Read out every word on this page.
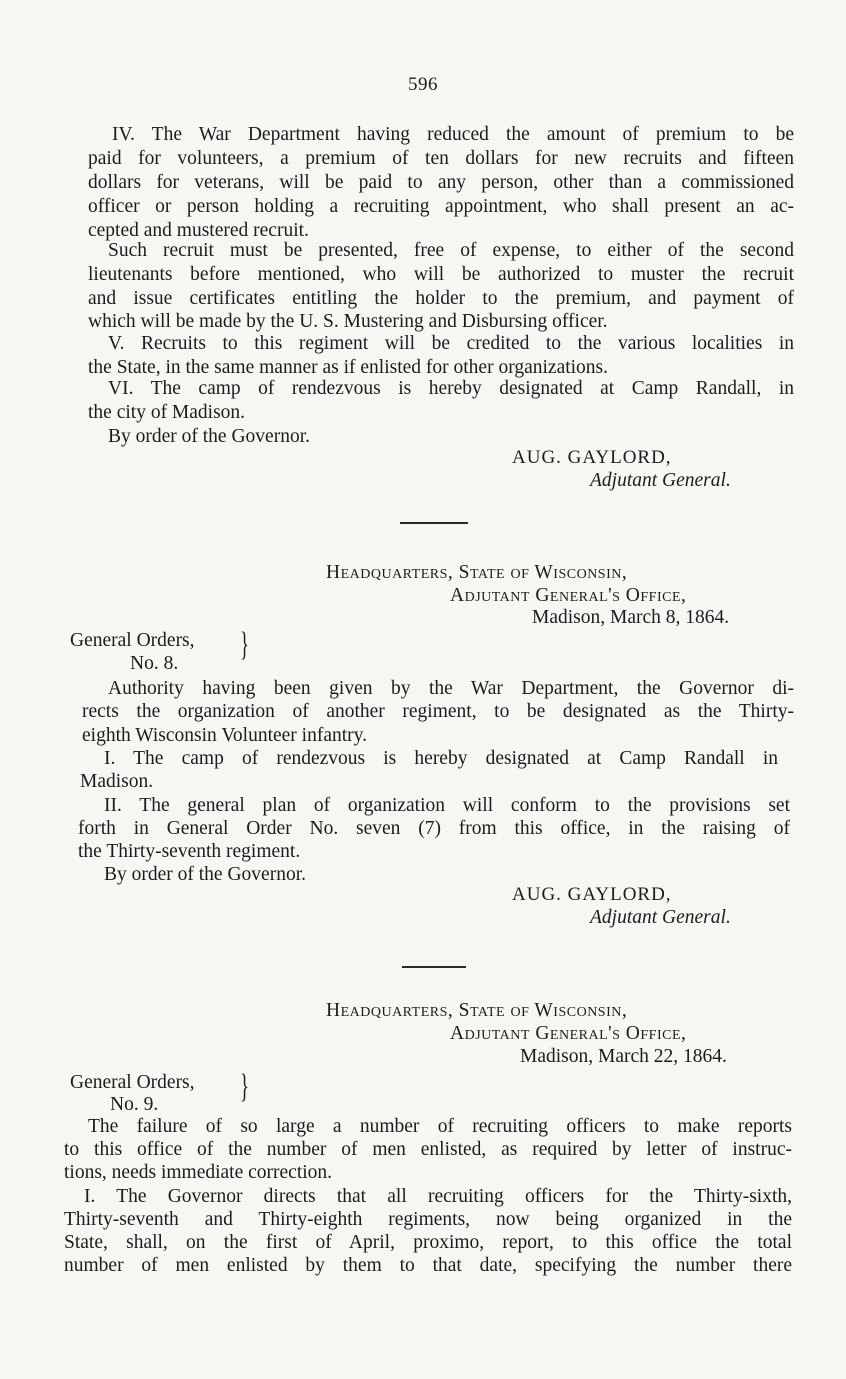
596
IV. The War Department having reduced the amount of premium to be
paid for volunteers, a premium of ten dollars for new recruits and fifteen
dollars for veterans, will be paid to any person, other than a commissioned
officer or person holding a recruiting appointment, who shall present an ac-
cepted and mustered recruit.
Such recruit must be presented, free of expense, to either of the second
lieutenants before mentioned, who will be authorized to muster the recruit
and issue certificates entitling the holder to the premium, and payment of
which will be made by the U. S. Mustering and Disbursing officer.
V. Recruits to this regiment will be credited to the various localities in
the State, in the same manner as if enlisted for other organizations.
VI. The camp of rendezvous is hereby designated at Camp Randall, in
the city of Madison.
By order of the Governor.
AUG. GAYLORD,
Adjutant General.
Headquarters, State of Wisconsin,
Adjutant General's Office,
Madison, March 8, 1864.
General Orders,
No. 8.
}
Authority having been given by the War Department, the Governor di-
rects the organization of another regiment, to be designated as the Thirty-
eighth Wisconsin Volunteer infantry.
I. The camp of rendezvous is hereby designated at Camp Randall in
Madison.
II. The general plan of organization will conform to the provisions set
forth in General Order No. seven (7) from this office, in the raising of
the Thirty-seventh regiment.
By order of the Governor.
AUG. GAYLORD,
Adjutant General.
Headquarters, State of Wisconsin,
Adjutant General's Office,
Madison, March 22, 1864.
General Orders,
No. 9. }
The failure of so large a number of recruiting officers to make reports
to this office of the number of men enlisted, as required by letter of instruc-
tions, needs immediate correction.
I. The Governor directs that all recruiting officers for the Thirty-sixth,
Thirty-seventh and Thirty-eighth regiments, now being organized in the
State, shall, on the first of April, proximo, report, to this office the total
number of men enlisted by them to that date, specifying the number there
